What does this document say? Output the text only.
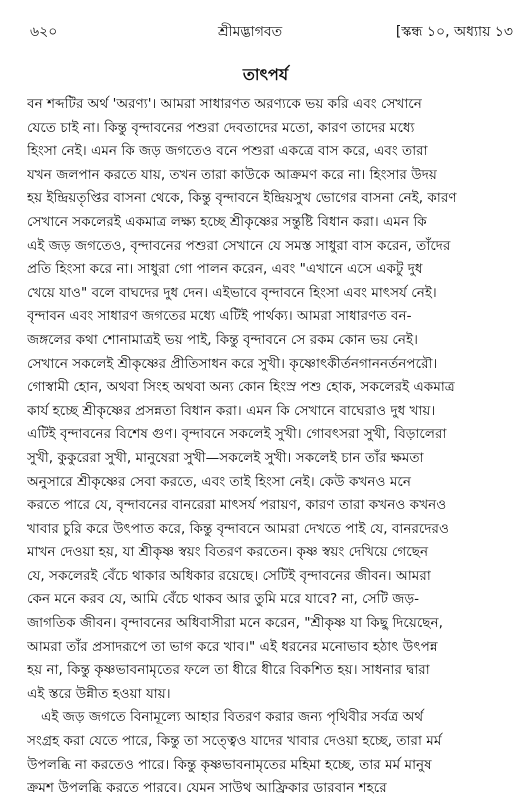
৬২০	শ্রীমদ্ভাগবত	[স্কন্ধ ১০, অধ্যায় ১৩
তাৎপর্য
বন শব্দটির অর্থ 'অরণ্য'। আমরা সাধারণত অরণ্যকে ভয় করি এবং সেখানে
যেতে চাই না। কিন্তু বৃন্দাবনের পশুরা দেবতাদের মতো, কারণ তাদের মধ্যে
হিংসা নেই। এমন কি জড় জগতেও বনে পশুরা একত্রে বাস করে, এবং তারা
যখন জলপান করতে যায়, তখন তারা কাউকে আক্রমণ করে না। হিংসার উদয়
হয় ইন্দ্রিয়তৃপ্তির বাসনা থেকে, কিন্তু বৃন্দাবনে ইন্দ্রিয়সুখ ভোগের বাসনা নেই, কারণ
সেখানে সকলেরই একমাত্র লক্ষ্য হচ্ছে শ্রীকৃষ্ণের সন্তুষ্টি বিধান করা। এমন কি
এই জড় জগতেও, বৃন্দাবনের পশুরা সেখানে যে সমস্ত সাধুরা বাস করেন, তাঁদের
প্রতি হিংসা করে না। সাধুরা গো পালন করেন, এবং "এখানে এসে একটু দুধ
খেয়ে যাও" বলে বাঘদের দুধ দেন। এইভাবে বৃন্দাবনে হিংসা এবং মাৎসর্য নেই।
বৃন্দাবন এবং সাধারণ জগতের মধ্যে এটিই পার্থক্য। আমরা সাধারণত বন-
জঙ্গলের কথা শোনামাত্রই ভয় পাই, কিন্তু বৃন্দাবনে সে রকম কোন ভয় নেই।
সেখানে সকলেই শ্রীকৃষ্ণের প্রীতিসাধন করে সুখী। কৃষ্ণোৎকীর্তনগাননর্তনপরৌ।
গোস্বামী হোন, অথবা সিংহ অথবা অন্য কোন হিংস্র পশু হোক, সকলেরই একমাত্র
কার্য হচ্ছে শ্রীকৃষ্ণের প্রসন্নতা বিধান করা। এমন কি সেখানে বাঘেরাও দুধ খায়।
এটিই বৃন্দাবনের বিশেষ গুণ। বৃন্দাবনে সকলেই সুখী। গোবৎসরা সুখী, বিড়ালেরা
সুখী, কুকুরেরা সুখী, মানুষেরা সুখী—সকলেই সুখী। সকলেই চান তাঁর ক্ষমতা
অনুসারে শ্রীকৃষ্ণের সেবা করতে, এবং তাই হিংসা নেই। কেউ কখনও মনে
করতে পারে যে, বৃন্দাবনের বানরেরা মাৎসর্য পরায়ণ, কারণ তারা কখনও কখনও
খাবার চুরি করে উৎপাত করে, কিন্তু বৃন্দাবনে আমরা দেখতে পাই যে, বানরদেরও
মাখন দেওয়া হয়, যা শ্রীকৃষ্ণ স্বয়ং বিতরণ করতেন। কৃষ্ণ স্বয়ং দেখিয়ে গেছেন
যে, সকলেরই বেঁচে থাকার অধিকার রয়েছে। সেটিই বৃন্দাবনের জীবন। আমরা
কেন মনে করব যে, আমি বেঁচে থাকব আর তুমি মরে যাবে? না, সেটি জড়-
জাগতিক জীবন। বৃন্দাবনের অধিবাসীরা মনে করেন, "শ্রীকৃষ্ণ যা কিছু দিয়েছেন,
আমরা তাঁর প্রসাদরূপে তা ভাগ করে খাব।" এই ধরনের মনোভাব হঠাৎ উৎপন্ন
হয় না, কিন্তু কৃষ্ণভাবনামৃতের ফলে তা ধীরে ধীরে বিকশিত হয়। সাধনার দ্বারা
এই স্তরে উন্নীত হওয়া যায়।
এই জড় জগতে বিনামূল্যে আহার বিতরণ করার জন্য পৃথিবীর সর্বত্র অর্থ
সংগ্রহ করা যেতে পারে, কিন্তু তা সত্ত্বেও যাদের খাবার দেওয়া হচ্ছে, তারা মর্ম
উপলব্ধি না করতেও পারে। কিন্তু কৃষ্ণভাবনামৃতের মহিমা হচ্ছে, তার মর্ম মানুষ
ক্রমশ উপলব্ধি করতে পারবে। যেমন সাউথ আফ্রিকার ডারবান শহরে
